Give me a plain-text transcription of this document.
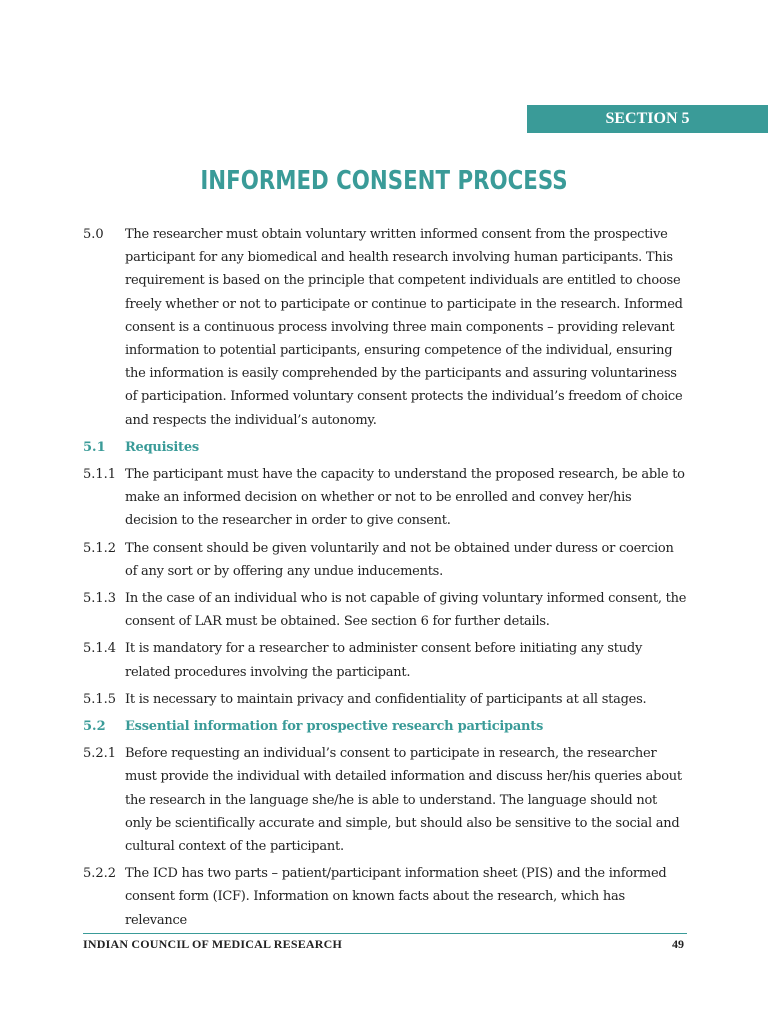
SECTION 5
INFORMED CONSENT PROCESS
5.0	The researcher must obtain voluntary written informed consent from the prospective participant for any biomedical and health research involving human participants. This requirement is based on the principle that competent individuals are entitled to choose freely whether or not to participate or continue to participate in the research. Informed consent is a continuous process involving three main components – providing relevant information to potential participants, ensuring competence of the individual, ensuring the information is easily comprehended by the participants and assuring voluntariness of participation. Informed voluntary consent protects the individual’s freedom of choice and respects the individual’s autonomy.
5.1	Requisites
5.1.1 The participant must have the capacity to understand the proposed research, be able to make an informed decision on whether or not to be enrolled and convey her/his decision to the researcher in order to give consent.
5.1.2 The consent should be given voluntarily and not be obtained under duress or coercion of any sort or by offering any undue inducements.
5.1.3 In the case of an individual who is not capable of giving voluntary informed consent, the consent of LAR must be obtained. See section 6 for further details.
5.1.4 It is mandatory for a researcher to administer consent before initiating any study related procedures involving the participant.
5.1.5 It is necessary to maintain privacy and confidentiality of participants at all stages.
5.2	Essential information for prospective research participants
5.2.1 Before requesting an individual’s consent to participate in research, the researcher must provide the individual with detailed information and discuss her/his queries about the research in the language she/he is able to understand. The language should not only be scientifically accurate and simple, but should also be sensitive to the social and cultural context of the participant.
5.2.2 The ICD has two parts – patient/participant information sheet (PIS) and the informed consent form (ICF). Information on known facts about the research, which has relevance
INDIAN COUNCIL OF MEDICAL RESEARCH	49
